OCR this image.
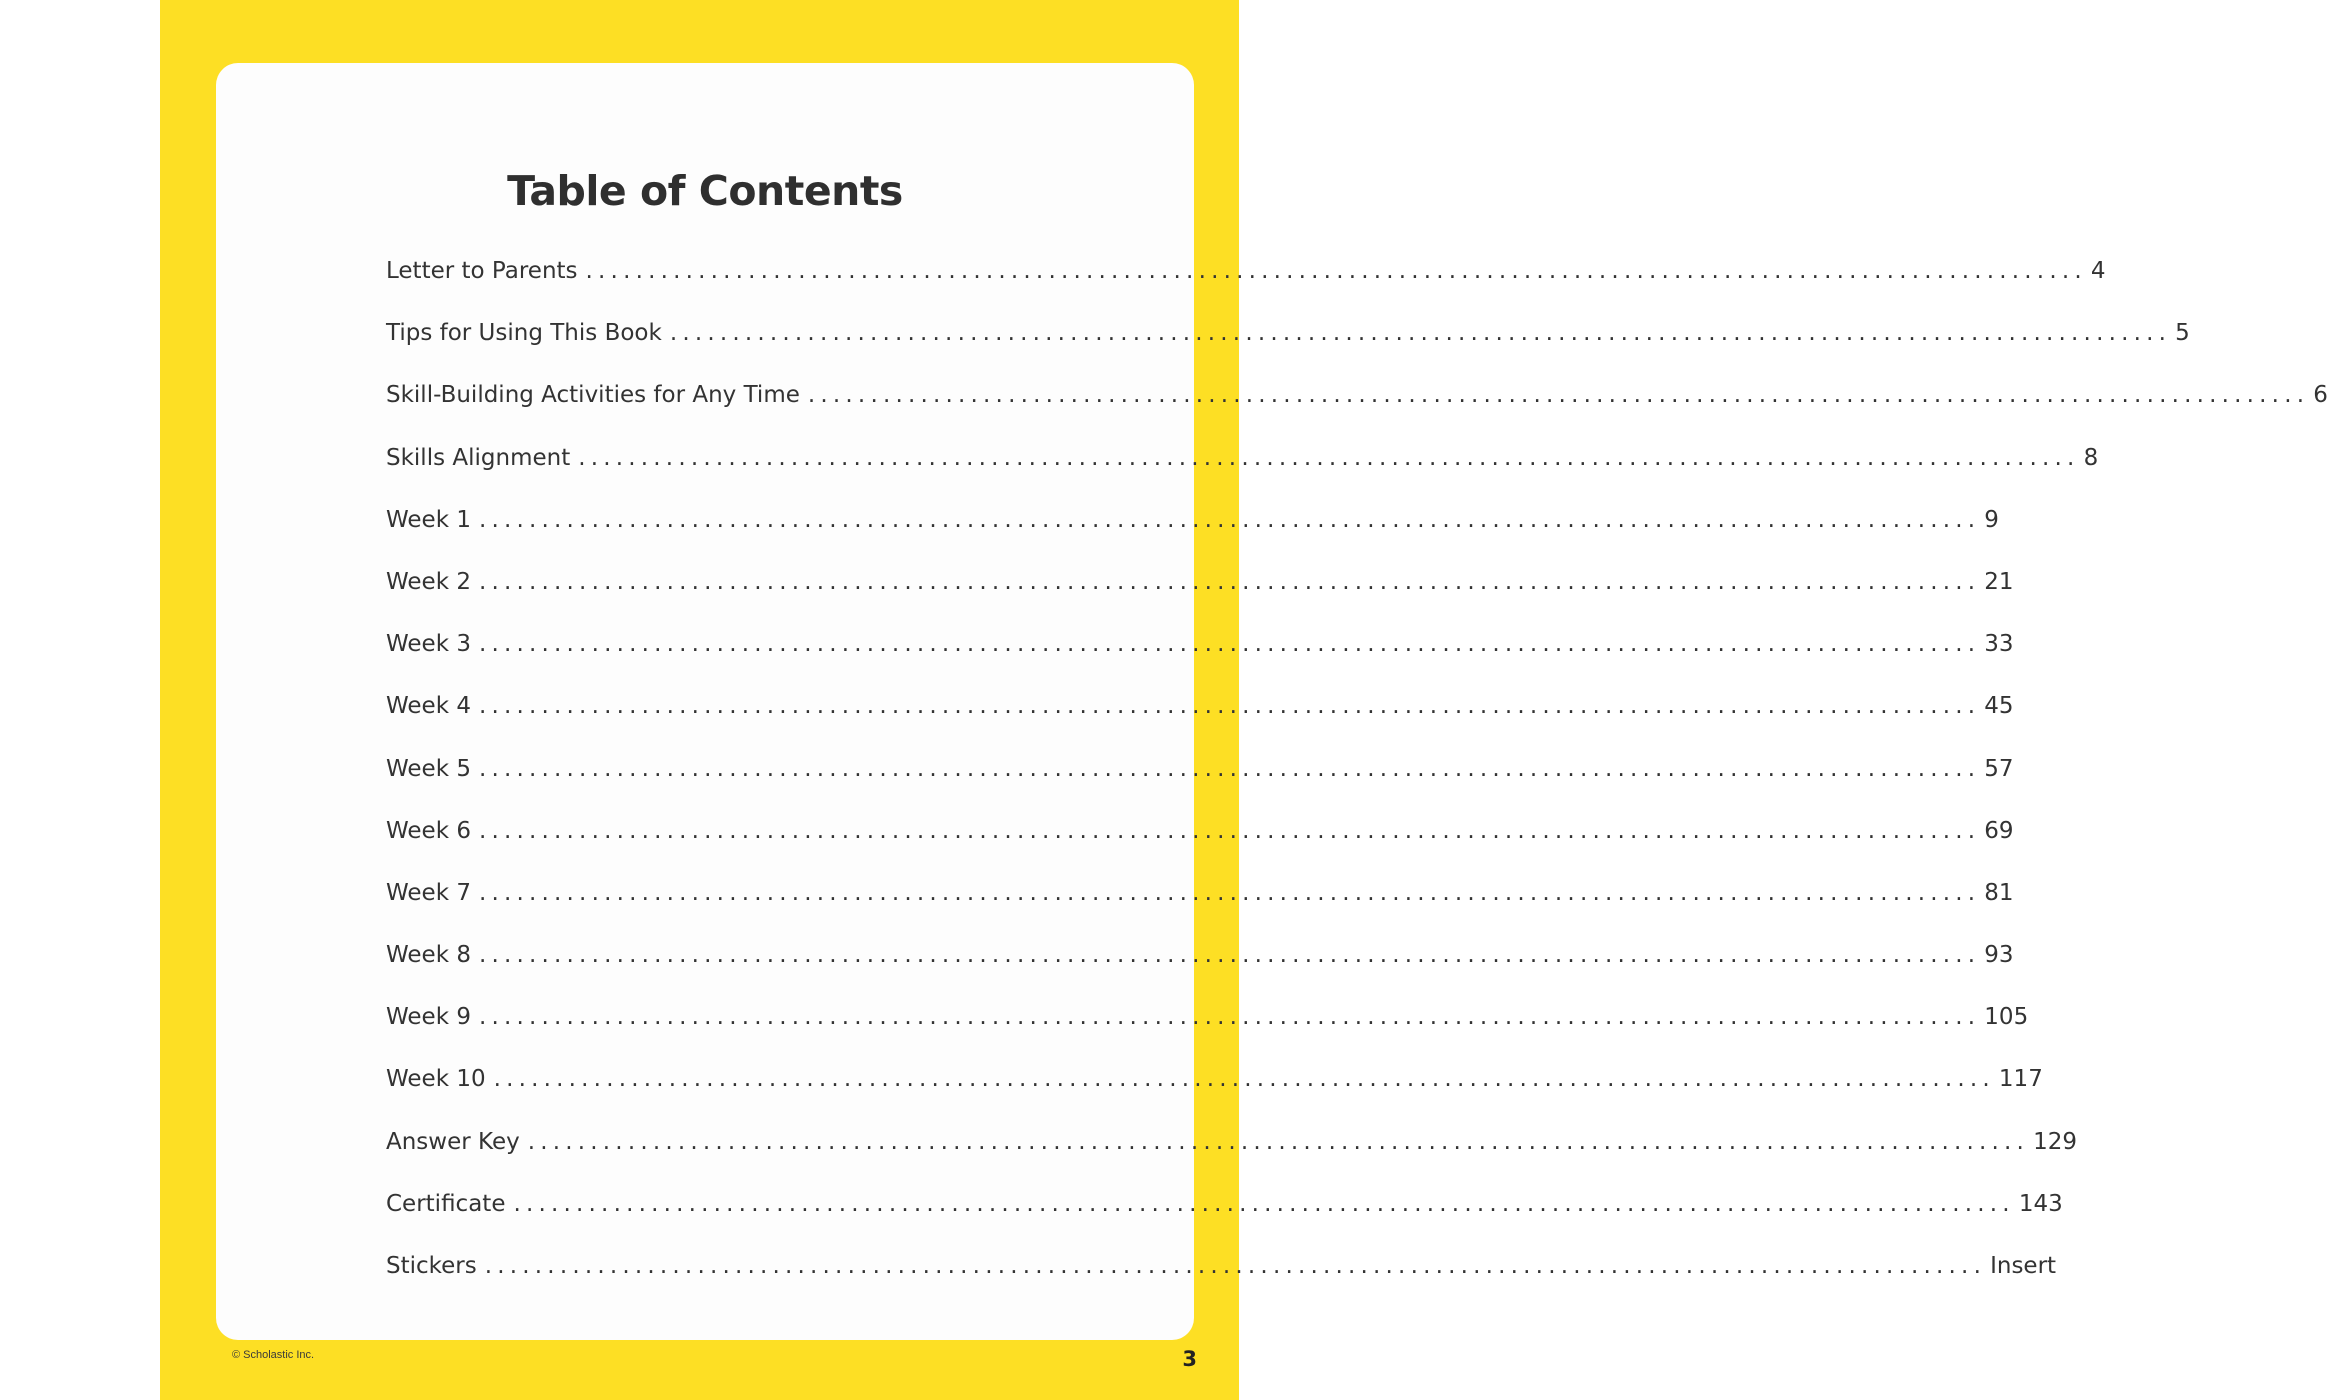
Table of Contents
Letter to Parents ........................................................................................................................ 4
Tips for Using This Book ........................................................................................................................ 5
Skill-Building Activities for Any Time ........................................................................................................................ 6
Skills Alignment ........................................................................................................................ 8
Week 1 ........................................................................................................................ 9
Week 2 ........................................................................................................................ 21
Week 3 ........................................................................................................................ 33
Week 4 ........................................................................................................................ 45
Week 5 ........................................................................................................................ 57
Week 6 ........................................................................................................................ 69
Week 7 ........................................................................................................................ 81
Week 8 ........................................................................................................................ 93
Week 9 ........................................................................................................................ 105
Week 10 ........................................................................................................................ 117
Answer Key ........................................................................................................................ 129
Certificate ........................................................................................................................ 143
Stickers ........................................................................................................................ Insert
© Scholastic Inc.	3
